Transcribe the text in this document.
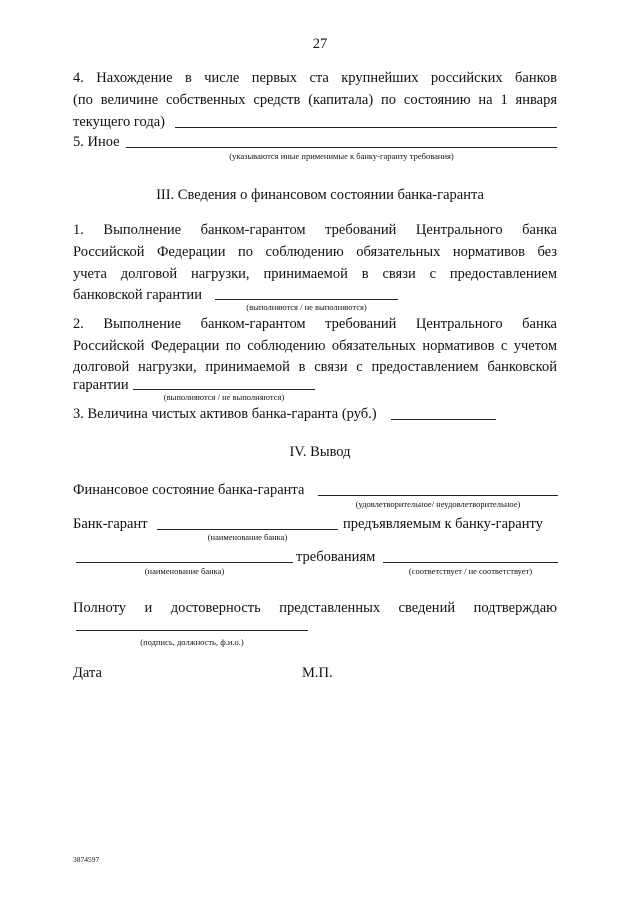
27
4. Нахождение в числе первых ста крупнейших российских банков
(по величине собственных средств (капитала) по состоянию на 1 января
текущего года)
5. Иное
(указываются иные применимые к банку-гаранту требования)
III. Сведения о финансовом состоянии банка-гаранта
1. Выполнение банком-гарантом требований Центрального банка
Российской Федерации по соблюдению обязательных нормативов без
учета долговой нагрузки, принимаемой в связи с предоставлением
банковской гарантии
(выполняются / не выполняются)
2. Выполнение банком-гарантом требований Центрального банка
Российской Федерации по соблюдению обязательных нормативов с учетом
долговой нагрузки, принимаемой в связи с предоставлением банковской
гарантии
(выполняются / не выполняются)
3. Величина чистых активов банка-гаранта (руб.)
IV. Вывод
Финансовое состояние банка-гаранта
(удовлетворительное/ неудовлетворительное)
Банк-гарант	предъявляемым к банку-гаранту
(наименование банка)
требованиям
(наименование банка)	(соответствует / не соответствует)
Полноту и достоверность представленных сведений подтверждаю
(подпись, должность, ф.и.о.)
Дата	М.П.
3874597
